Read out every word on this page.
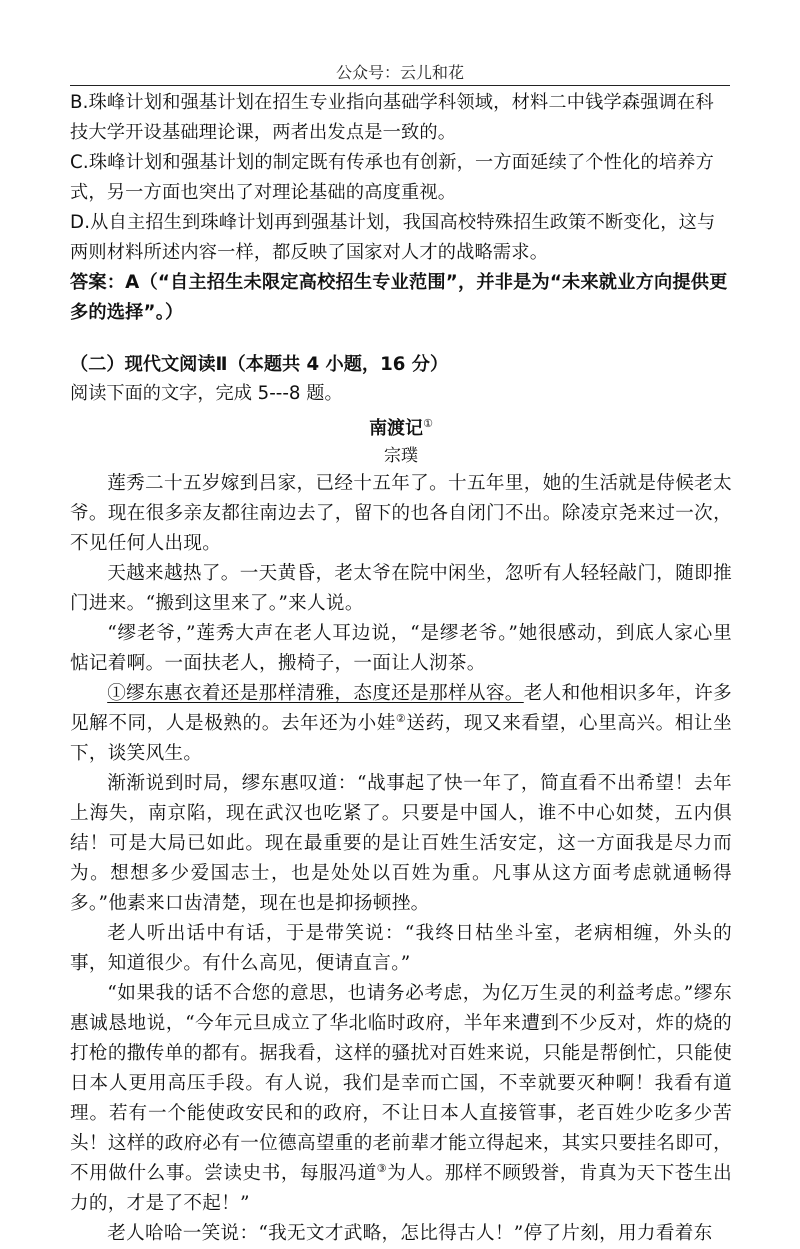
公众号：云儿和花

B.珠峰计划和强基计划在招生专业指向基础学科领域，材料二中钱学森强调在科技大学开设基础理论课，两者出发点是一致的。

C.珠峰计划和强基计划的制定既有传承也有创新，一方面延续了个性化的培养方式，另一方面也突出了对理论基础的高度重视。

D.从自主招生到珠峰计划再到强基计划，我国高校特殊招生政策不断变化，这与两则材料所述内容一样，都反映了国家对人才的战略需求。

答案：A（“自主招生未限定高校招生专业范围”，并非是为“未来就业方向提供更多的选择”。）

（二）现代文阅读Ⅱ（本题共 4 小题，16 分）

阅读下面的文字，完成 5---8 题。

南渡记①

宗璞

莲秀二十五岁嫁到吕家，已经十五年了。十五年里，她的生活就是侍候老太爷。现在很多亲友都往南边去了，留下的也各自闭门不出。除凌京尧来过一次，不见任何人出现。

天越来越热了。一天黄昏，老太爷在院中闲坐，忽听有人轻轻敲门，随即推门进来。“搬到这里来了。”来人说。

“缪老爷，”莲秀大声在老人耳边说，“是缪老爷。”她很感动，到底人家心里惦记着啊。一面扶老人，搬椅子，一面让人沏茶。

①缪东惠衣着还是那样清雅，态度还是那样从容。老人和他相识多年，许多见解不同，人是极熟的。去年还为小娃②送药，现又来看望，心里高兴。相让坐下，谈笑风生。

渐渐说到时局，缪东惠叹道：“战事起了快一年了，简直看不出希望！去年上海失，南京陷，现在武汉也吃紧了。只要是中国人，谁不中心如焚，五内俱结！可是大局已如此。现在最重要的是让百姓生活安定，这一方面我是尽力而为。想想多少爱国志士，也是处处以百姓为重。凡事从这方面考虑就通畅得多。”他素来口齿清楚，现在也是抑扬顿挫。

老人听出话中有话，于是带笑说：“我终日枯坐斗室，老病相缠，外头的事，知道很少。有什么高见，便请直言。”

“如果我的话不合您的意思，也请务必考虑，为亿万生灵的利益考虑。”缪东惠诚恳地说，“今年元旦成立了华北临时政府，半年来遭到不少反对，炸的烧的打枪的撒传单的都有。据我看，这样的骚扰对百姓来说，只能是帮倒忙，只能使日本人更用高压手段。有人说，我们是幸而亡国，不幸就要灭种啊！我看有道理。若有一个能使政安民和的政府，不让日本人直接管事，老百姓少吃多少苦头！这样的政府必有一位德高望重的老前辈才能立得起来，其实只要挂名即可，不用做什么事。尝读史书，每服冯道③为人。那样不顾毁誉，肯真为天下苍生出力的，才是了不起！”

老人哈哈一笑说：“我无文才武略，怎比得古人！”停了片刻，用力看着东
